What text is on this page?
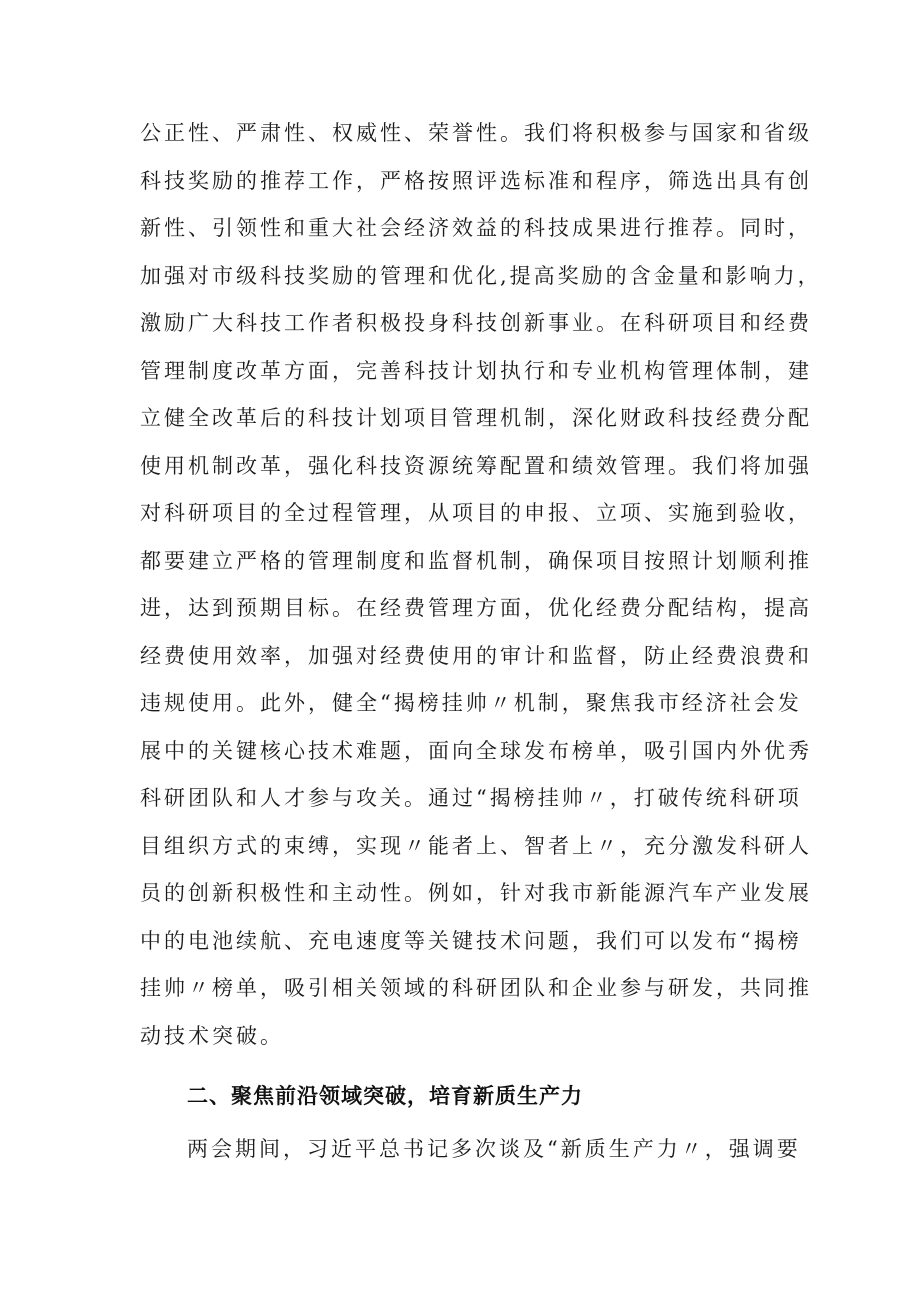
公正性、严肃性、权威性、荣誉性。我们将积极参与国家和省级
科技奖励的推荐工作，严格按照评选标准和程序，筛选出具有创
新性、引领性和重大社会经济效益的科技成果进行推荐。同时，
加强对市级科技奖励的管理和优化,提高奖励的含金量和影响力，
激励广大科技工作者积极投身科技创新事业。在科研项目和经费
管理制度改革方面，完善科技计划执行和专业机构管理体制，建
立健全改革后的科技计划项目管理机制，深化财政科技经费分配
使用机制改革，强化科技资源统筹配置和绩效管理。我们将加强
对科研项目的全过程管理，从项目的申报、立项、实施到验收，
都要建立严格的管理制度和监督机制，确保项目按照计划顺利推
进，达到预期目标。在经费管理方面，优化经费分配结构，提高
经费使用效率，加强对经费使用的审计和监督，防止经费浪费和
违规使用。此外，健全“揭榜挂帅〃机制，聚焦我市经济社会发
展中的关键核心技术难题，面向全球发布榜单，吸引国内外优秀
科研团队和人才参与攻关。通过“揭榜挂帅〃，打破传统科研项
目组织方式的束缚，实现〃能者上、智者上〃，充分激发科研人
员的创新积极性和主动性。例如，针对我市新能源汽车产业发展
中的电池续航、充电速度等关键技术问题，我们可以发布“揭榜
挂帅〃榜单，吸引相关领域的科研团队和企业参与研发，共同推
动技术突破。
二、聚焦前沿领域突破，培育新质生产力
两会期间，习近平总书记多次谈及“新质生产力〃，强调要
